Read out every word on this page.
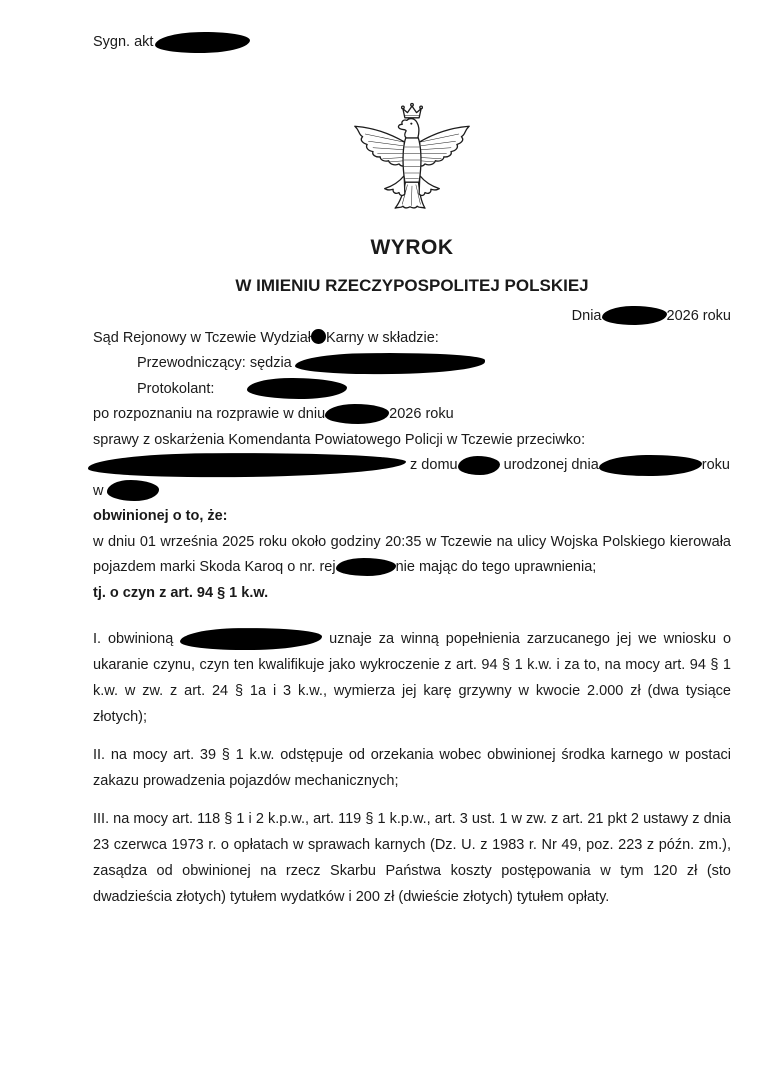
Sygn. akt
WYROK
W IMIENIU RZECZYPOSPOLITEJ POLSKIEJ
Dnia	2026 roku
Sąd Rejonowy w Tczewie Wydział Karny w składzie:
Przewodniczący: sędzia
Protokolant:
po rozpoznaniu na rozprawie w dniu	2026 roku
sprawy z oskarżenia Komendanta Powiatowego Policji w Tczewie przeciwko:
z domu	urodzonej dnia	roku
w
obwinionej o to, że:
w dniu 01 września 2025 roku około godziny 20:35 w Tczewie na ulicy Wojska Polskiego kierowała pojazdem marki Skoda Karoq o nr. rej	nie mając do tego uprawnienia;
tj. o czyn z art. 94 § 1 k.w.

I. obwinioną	uznaje za winną popełnienia zarzucanego jej we wniosku o ukaranie czynu, czyn ten kwalifikuje jako wykroczenie z art. 94 § 1 k.w. i za to, na mocy art. 94 § 1 k.w. w zw. z art. 24 § 1a i 3 k.w., wymierza jej karę grzywny w kwocie 2.000 zł (dwa tysiące złotych);

II. na mocy art. 39 § 1 k.w. odstępuje od orzekania wobec obwinionej środka karnego w postaci zakazu prowadzenia pojazdów mechanicznych;

III. na mocy art. 118 § 1 i 2 k.p.w., art. 119 § 1 k.p.w., art. 3 ust. 1 w zw. z art. 21 pkt 2 ustawy z dnia 23 czerwca 1973 r. o opłatach w sprawach karnych (Dz. U. z 1983 r. Nr 49, poz. 223 z późn. zm.), zasądza od obwinionej na rzecz Skarbu Państwa koszty postępowania w tym 120 zł (sto dwadzieścia złotych) tytułem wydatków i 200 zł (dwieście złotych) tytułem opłaty.
